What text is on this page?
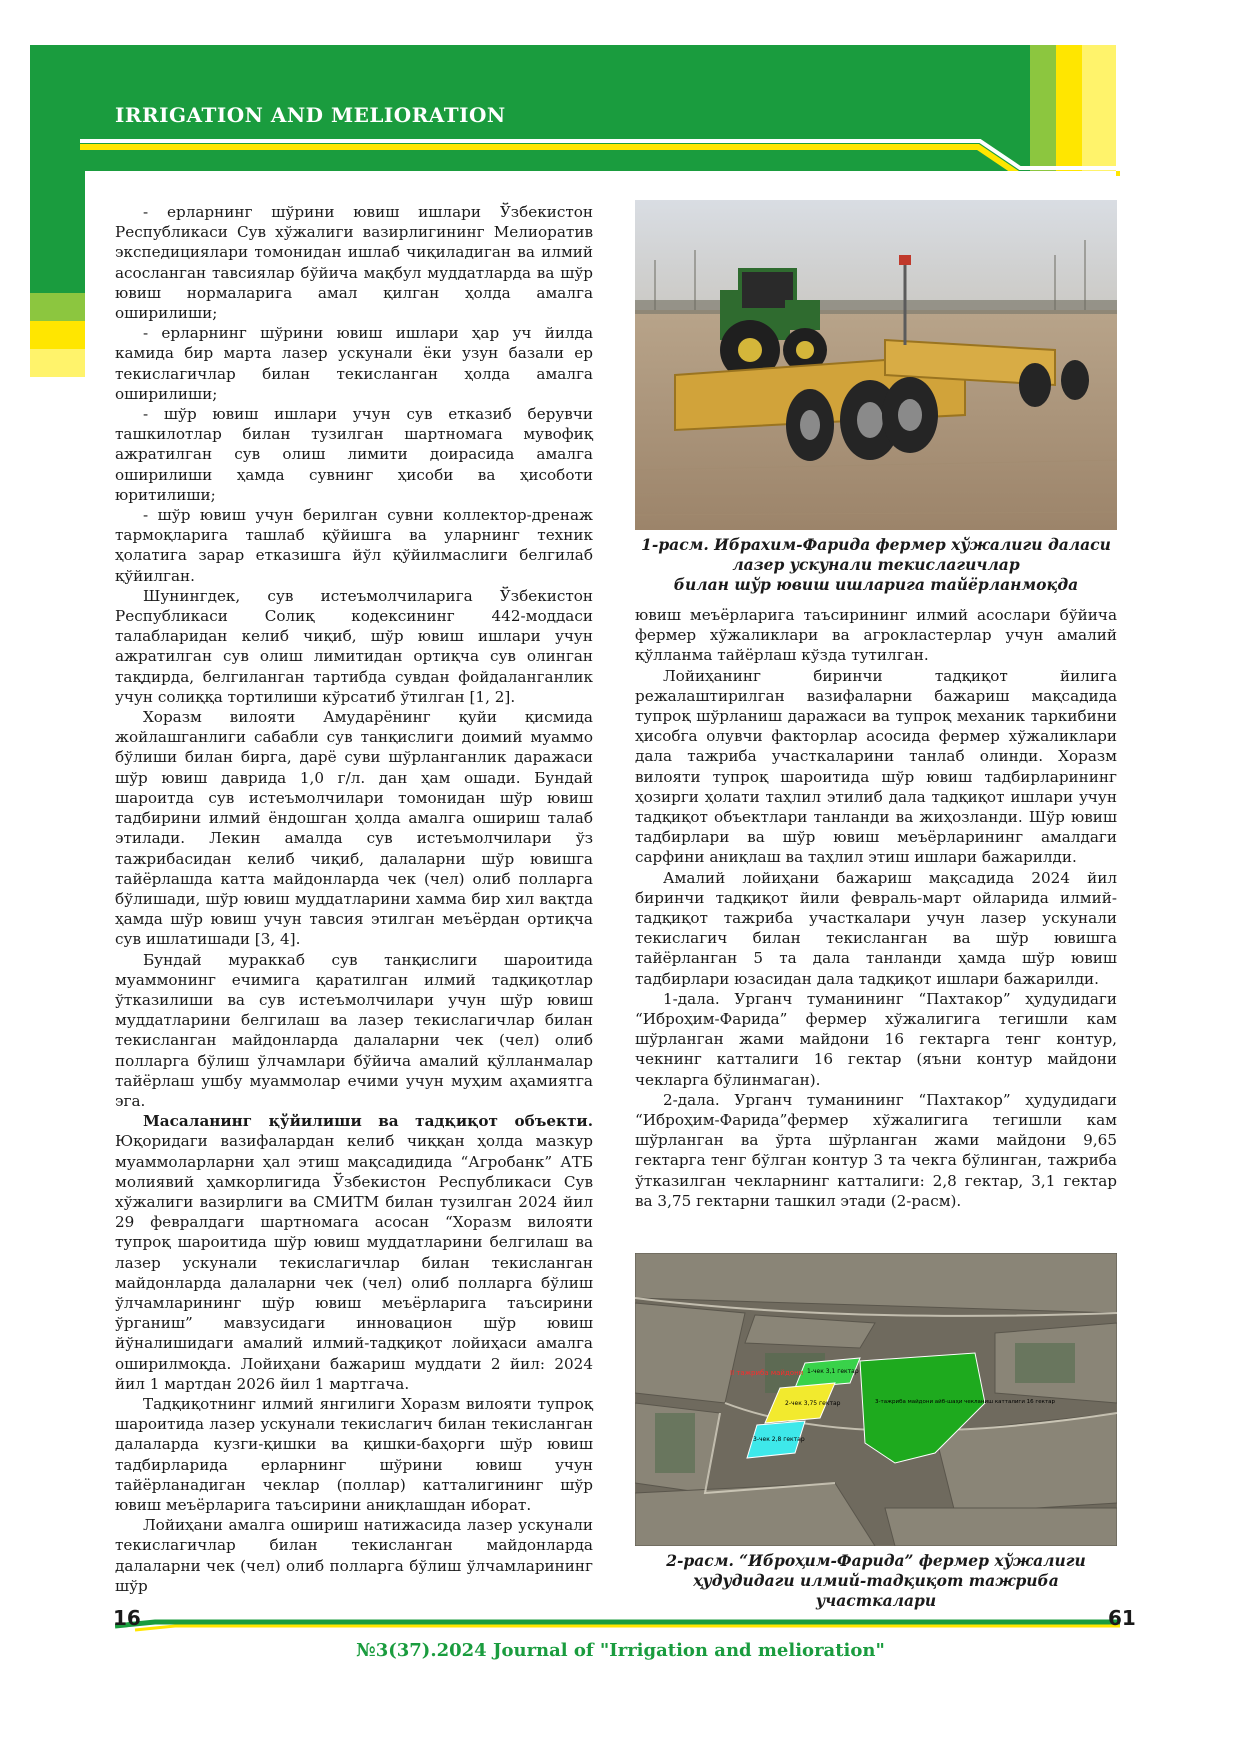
IRRIGATION AND MELIORATION

- ерларнинг шўрини ювиш ишлари Ўзбекистон Республикаси Сув хўжалиги вазирлигининг Мелиоратив экспедициялари томонидан ишлаб чиқиладиган ва илмий асосланган тавсиялар бўйича мақбул муддатларда ва шўр ювиш нормаларига амал қилган ҳолда амалга оширилиши;

- ерларнинг шўрини ювиш ишлари ҳар уч йилда камида бир марта лазер ускунали ёки узун базали ер текислагичлар билан текисланган ҳолда амалга оширилиши;

- шўр ювиш ишлари учун сув етказиб берувчи ташкилотлар билан тузилган шартномага мувофиқ ажратилган сув олиш лимити доирасида амалга оширилиши ҳамда сувнинг ҳисоби ва ҳисоботи юритилиши;

- шўр ювиш учун берилган сувни коллектор-дренаж тармоқларига ташлаб қўйишга ва уларнинг техник ҳолатига зарар етказишга йўл қўйилмаслиги белгилаб қўйилган.

Шунингдек, сув истеъмолчиларига Ўзбекистон Республикаси Солиқ кодексининг 442-моддаси талабларидан келиб чиқиб, шўр ювиш ишлари учун ажратилган сув олиш лимитидан ортиқча сув олинган тақдирда, белгиланган тартибда сувдан фойдаланганлик учун солиққа тортилиши кўрсатиб ўтилган [1, 2].

Хоразм вилояти Амударёнинг қуйи қисмида жойлашганлиги сабабли сув танқислиги доимий муаммо бўлиши билан бирга, дарё суви шўрланганлик даражаси шўр ювиш даврида 1,0 г/л. дан ҳам ошади. Бундай шароитда сув истеъмолчилари томонидан шўр ювиш тадбирини илмий ёндошган ҳолда амалга ошириш талаб этилади. Лекин амалда сув истеъмолчилари ўз тажрибасидан келиб чиқиб, далаларни шўр ювишга тайёрлашда катта майдонларда чек (чел) олиб полларга бўлишади, шўр ювиш муддатларини хамма бир хил вақтда ҳамда шўр ювиш учун тавсия этилган меъёрдан ортиқча сув ишлатишади [3, 4].

Бундай мураккаб сув танқислиги шароитида муаммонинг ечимига қаратилган илмий тадқиқотлар ўтказилиши ва сув истеъмолчилари учун шўр ювиш муддатларини белгилаш ва лазер текислагичлар билан текисланган майдонларда далаларни чек (чел) олиб полларга бўлиш ўлчамлари бўйича амалий қўлланмалар тайёрлаш ушбу муаммолар ечими учун муҳим аҳамиятга эга.

Масаланинг қўйилиши ва тадқиқот объекти. Юқоридаги вазифалардан келиб чиққан ҳолда мазкур муаммоларларни ҳал этиш мақсадидида “Агробанк” АТБ молиявий ҳамкорлигида Ўзбекистон Республикаси Сув хўжалиги вазирлиги ва СМИТМ билан тузилган 2024 йил 29 февралдаги шартномага асосан “Хоразм вилояти тупроқ шароитида шўр ювиш муддатларини белгилаш ва лазер ускунали текислагичлар билан текисланган майдонларда далаларни чек (чел) олиб полларга бўлиш ўлчамларининг шўр ювиш меъёрларига таъсирини ўрганиш” мавзусидаги инновацион шўр ювиш йўналишидаги амалий илмий-тадқиқот лойиҳаси амалга оширилмоқда. Лойиҳани бажариш муддати 2 йил: 2024 йил 1 мартдан 2026 йил 1 мартгача.

Тадқиқотнинг илмий янгилиги Хоразм вилояти тупроқ шароитида лазер ускунали текислагич билан текисланган далаларда кузги-қишки ва қишки-баҳорги шўр ювиш тадбирларида ерларнинг шўрини ювиш учун тайёрланадиган чеклар (поллар) катталигининг шўр ювиш меъёрларига таъсирини аниқлашдан иборат.

Лойиҳани амалга ошириш натижасида лазер ускунали текислагичлар билан текисланган майдонларда далаларни чек (чел) олиб полларга бўлиш ўлчамларининг шўр

1-расм. Ибрахим-Фарида фермер хўжалиги даласи
лазер ускунали текислагичлар
билан шўр ювиш ишларига тайёрланмоқда

ювиш меъёрларига таъсирининг илмий асослари бўйича фермер хўжаликлари ва агрокластерлар учун амалий қўлланма тайёрлаш кўзда тутилган.

Лойиҳанинг биринчи тадқиқот йилига режалаштирилган вазифаларни бажариш мақсадида тупроқ шўрланиш даражаси ва тупроқ механик таркибини ҳисобга олувчи факторлар асосида фермер хўжаликлари дала тажриба участкаларини танлаб олинди. Хоразм вилояти тупроқ шароитида шўр ювиш тадбирларининг ҳозирги ҳолати таҳлил этилиб дала тадқиқот ишлари учун тадқиқот объектлари танланди ва жиҳозланди. Шўр ювиш тадбирлари ва шўр ювиш меъёрларининг амалдаги сарфини аниқлаш ва таҳлил этиш ишлари бажарилди.

Амалий лойиҳани бажариш мақсадида 2024 йил биринчи тадқиқот йили февраль-март ойларида илмий-тадқиқот тажриба участкалари учун лазер ускунали текислагич билан текисланган ва шўр ювишга тайёрланган 5 та дала танланди ҳамда шўр ювиш тадбирлари юзасидан дала тадқиқот ишлари бажарилди.

1-дала. Урганч туманининг “Пахтакор” ҳудудидаги “Иброҳим-Фарида” фермер хўжалигига тегишли кам шўрланган жами майдони 16 гектарга тенг контур, чекнинг катталиги 16 гектар (яъни контур майдони чекларга бўлинмаган).

2-дала. Урганч туманининг “Пахтакор” ҳудудидаги “Иброҳим-Фарида”фермер хўжалигига тегишли кам шўрланган ва ўрта шўрланган жами майдони 9,65 гектарга тенг бўлган контур 3 та чекга бўлинган, тажриба ўтказилган чекларнинг катталиги: 2,8 гектар, 3,1 гектар ва 3,75 гектарни ташкил этади (2-расм).

II тажриба майдони 1-чек 3,1 гектар
2-чек 3,75 гектар
3-чек 2,8 гектар
3-тажриба майдони айб-шаҳи чекланиш катталиги 16 гектар
2-расм. “Иброҳим-Фарида” фермер хўжалиги ҳудудидаги илмий-тадқиқот тажриба участкалари
16	61
№3(37).2024 Journal of "Irrigation and melioration"
